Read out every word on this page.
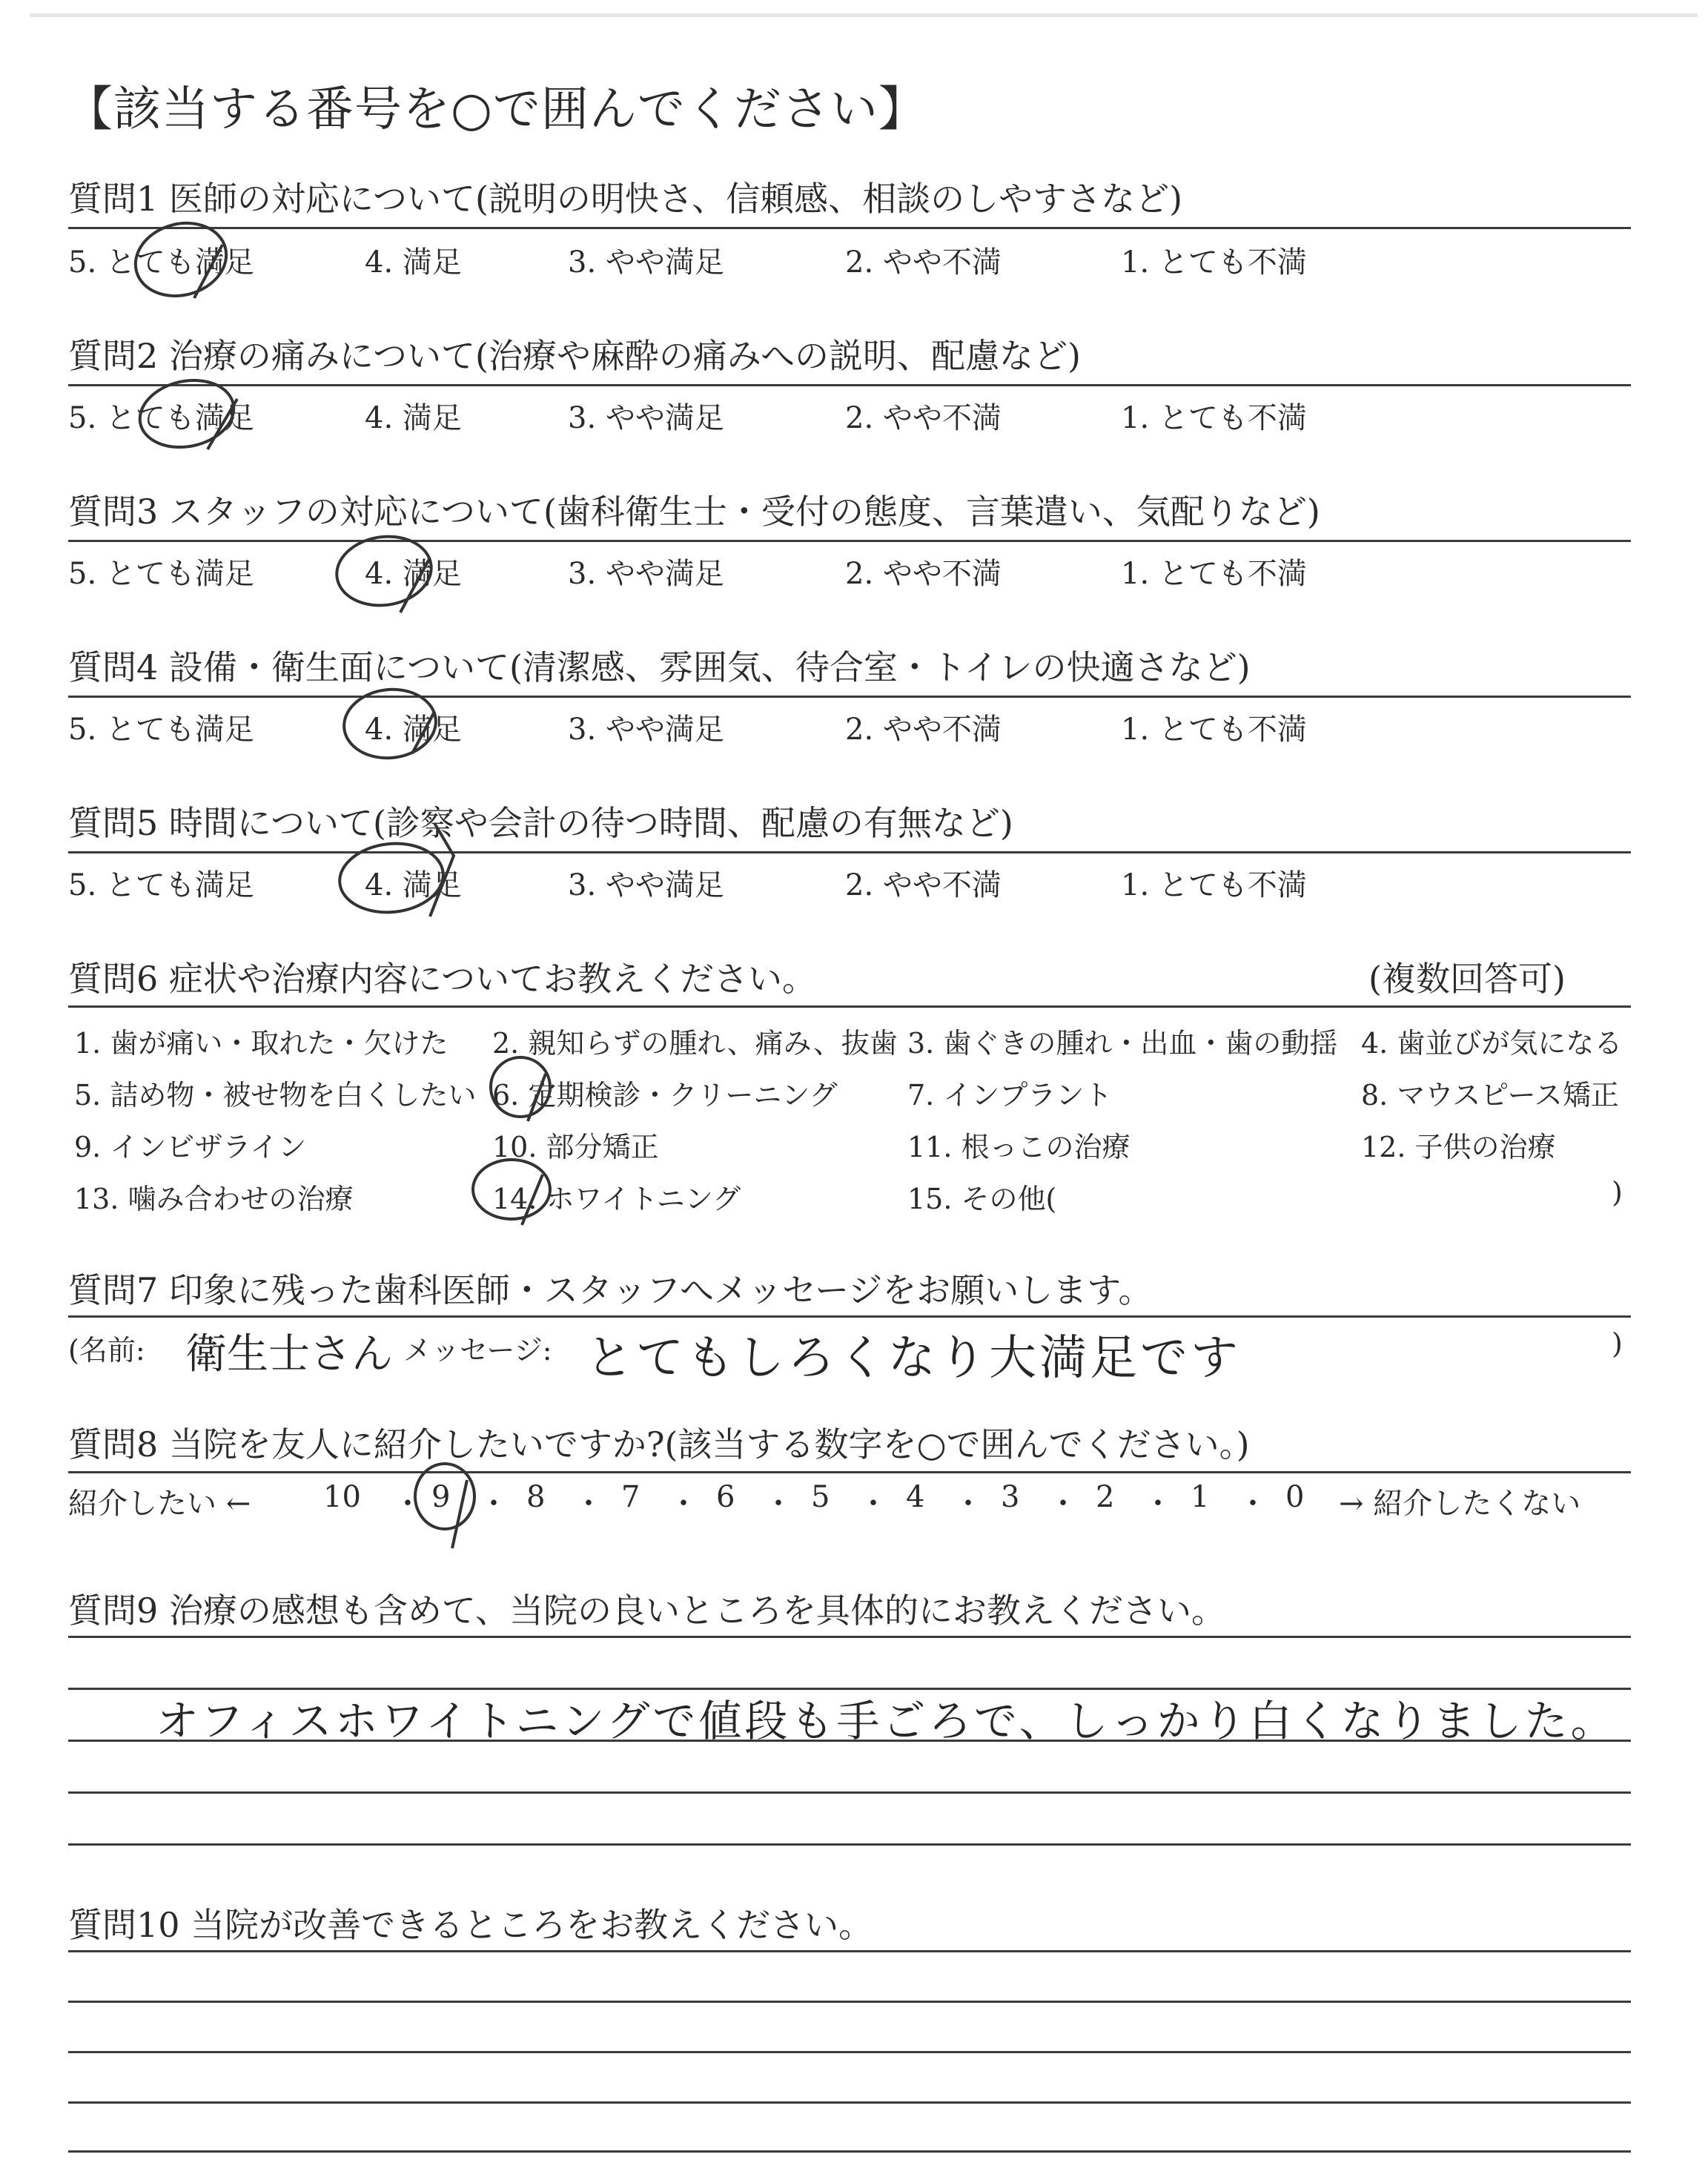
【該当する番号を○で囲んでください】
質問1 医師の対応について(説明の明快さ、信頼感、相談のしやすさなど)
5. とても満足	4. 満足	3. やや満足	2. やや不満	1. とても不満
質問2 治療の痛みについて(治療や麻酔の痛みへの説明、配慮など)
5. とても満足	4. 満足	3. やや満足	2. やや不満	1. とても不満
質問3 スタッフの対応について(歯科衛生士・受付の態度、言葉遣い、気配りなど)
5. とても満足	4. 満足	3. やや満足	2. やや不満	1. とても不満
質問4 設備・衛生面について(清潔感、雰囲気、待合室・トイレの快適さなど)
5. とても満足	4. 満足	3. やや満足	2. やや不満	1. とても不満
質問5 時間について(診察や会計の待つ時間、配慮の有無など)
5. とても満足	4. 満足	3. やや満足	2. やや不満	1. とても不満
質問6 症状や治療内容についてお教えください。	(複数回答可)
1. 歯が痛い・取れた・欠けた 2. 親知らずの腫れ、痛み、抜歯 3. 歯ぐきの腫れ・出血・歯の動揺 4. 歯並びが気になる
5. 詰め物・被せ物を白くしたい 6. 定期検診・クリーニング 7. インプラント	8. マウスピース矯正
9. インビザライン	10. 部分矯正	11. 根っこの治療	12. 子供の治療
13. 噛み合わせの治療	14. ホワイトニング	15. その他(	)
質問7 印象に残った歯科医師・スタッフへメッセージをお願いします。
(名前: 衛生士さん メッセージ: とてもしろくなり大満足です	)
質問8 当院を友人に紹介したいですか?(該当する数字を○で囲んでください。)
紹介したい ← 10 9	8	7	6	5	4	3	2	1	0 → 紹介したくない
・ ・ ・ ・ ・ ・ ・ ・ ・ ・
質問9 治療の感想も含めて、当院の良いところを具体的にお教えください。
オフィスホワイトニングで値段も手ごろで、しっかり白くなりました。
質問10 当院が改善できるところをお教えください。
